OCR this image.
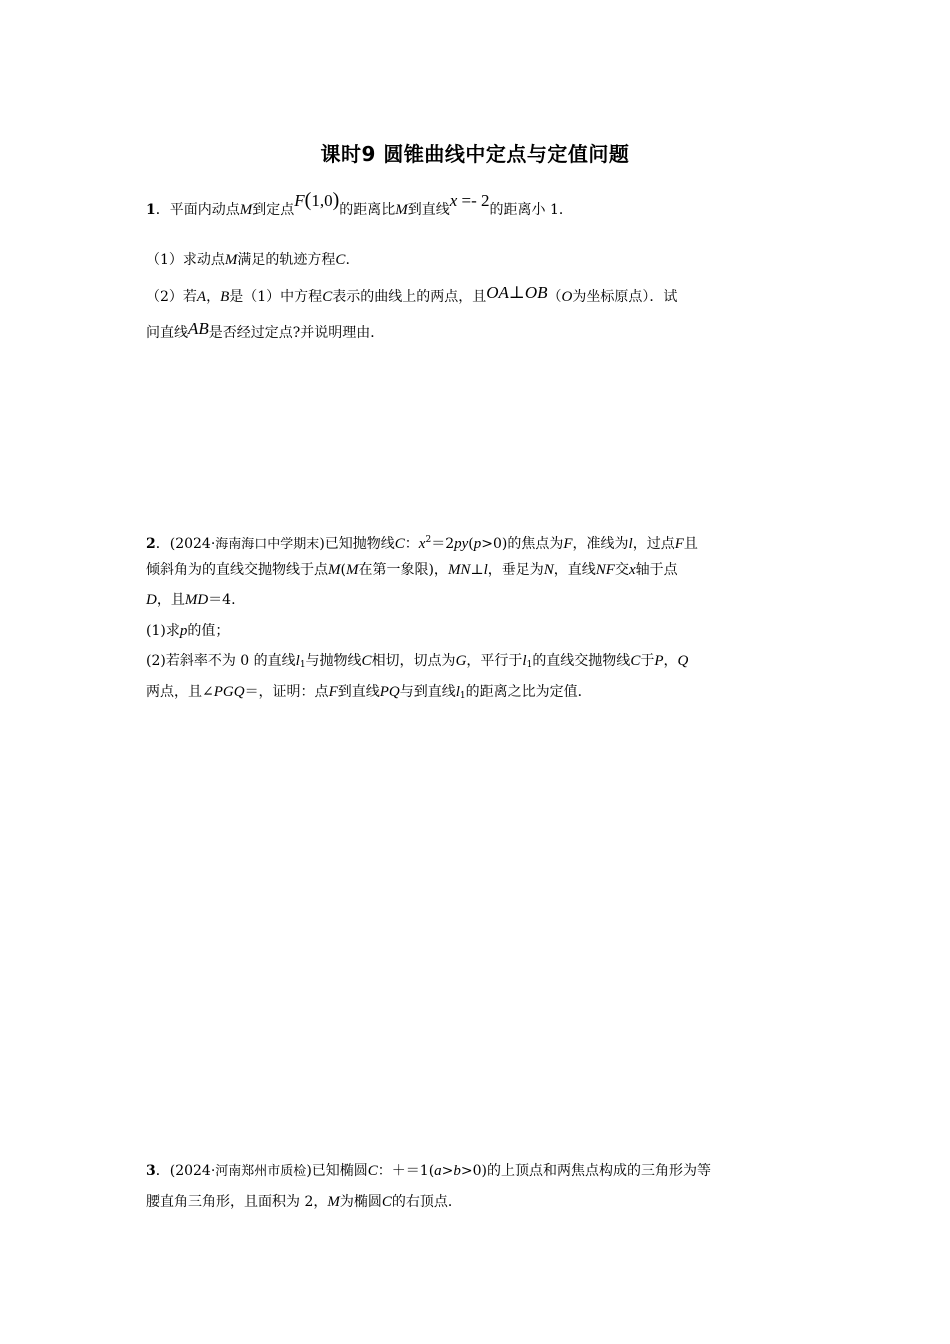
课时9 圆锥曲线中定点与定值问题
1．平面内动点M到定点F(1,0)的距离比M到直线x =- 2的距离小 1．
（1）求动点M满足的轨迹方程C.
（2）若A，B是（1）中方程C表示的曲线上的两点，且OA⊥OB（O为坐标原点）．试
问直线AB是否经过定点?并说明理由．
2．(2024·海南海口中学期末)已知抛物线C：$x^2=2py(p>0)$的焦点为F，准线为l，过点F且
倾斜角为的直线交抛物线于点M(M在第一象限)，MN⊥l，垂足为N，直线NF交x轴于点
D，且MD＝4.
(1)求p的值；
(2)若斜率不为 0 的直线$l_1$与抛物线C相切，切点为G，平行于$l_1$的直线交抛物线C于P，Q
两点，且∠PGQ＝，证明：点F到直线PQ与到直线$l_1$的距离之比为定值．
3．(2024·河南郑州市质检)已知椭圆C：＋＝1(a>b>0)的上顶点和两焦点构成的三角形为等
腰直角三角形，且面积为 2，M为椭圆C的右顶点．
